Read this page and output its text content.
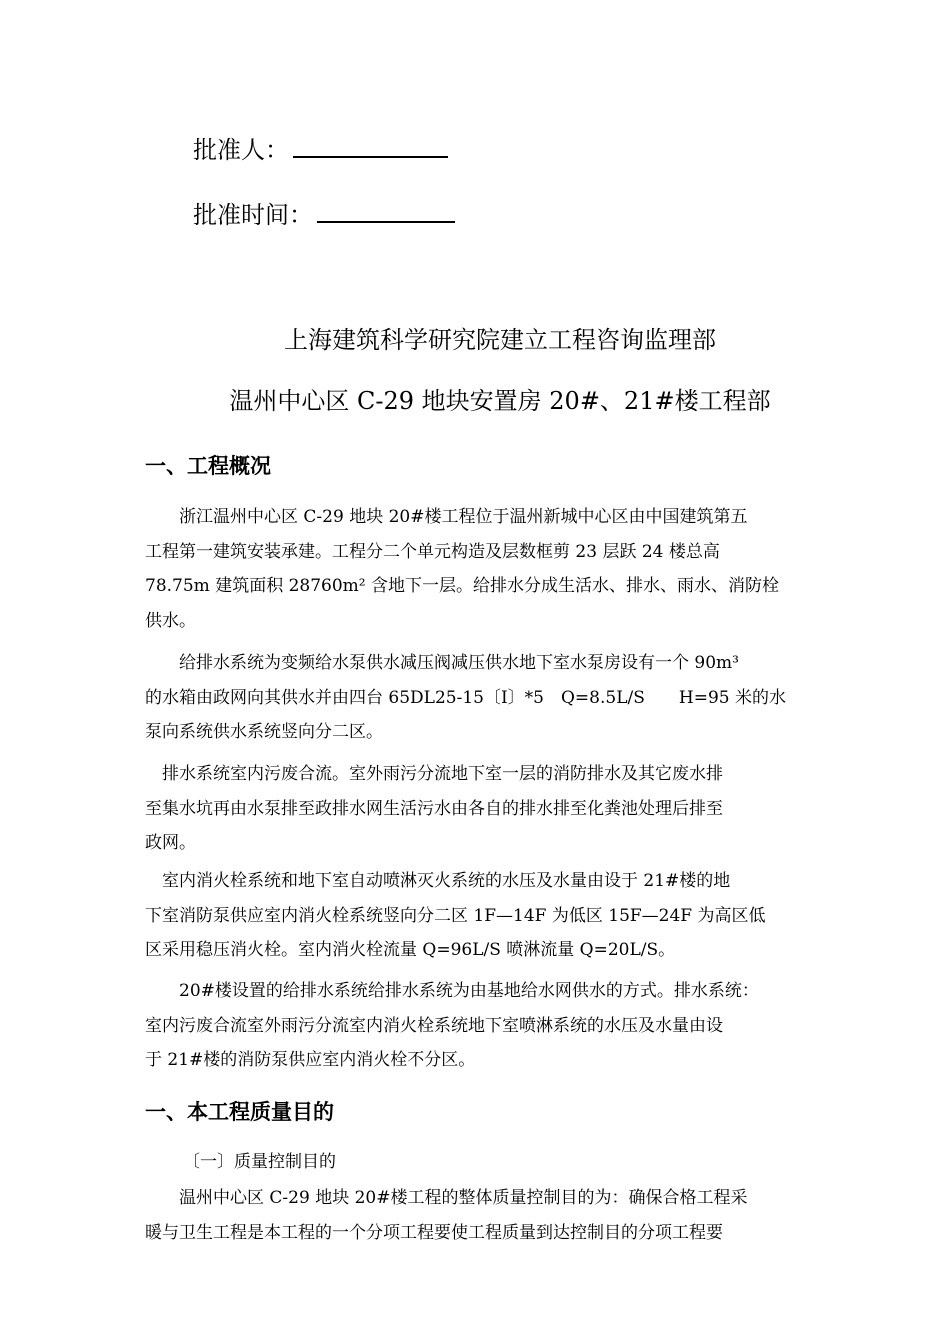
批准人：
批准时间：
上海建筑科学研究院建立工程咨询监理部
温州中心区 C-29 地块安置房 20#、21#楼工程部
一、工程概况
　　浙江温州中心区 C-29 地块 20#楼工程位于温州新城中心区由中国建筑第五
工程第一建筑安装承建。工程分二个单元构造及层数框剪 23 层跃 24 楼总高
78.75m 建筑面积 28760m² 含地下一层。给排水分成生活水、排水、雨水、消防栓
供水。
　　给排水系统为变频给水泵供水减压阀减压供水地下室水泵房设有一个 90m³
的水箱由政网向其供水并由四台 65DL25-15〔I〕*5　Q=8.5L/S　　H=95 米的水
泵向系统供水系统竖向分二区。
　排水系统室内污废合流。室外雨污分流地下室一层的消防排水及其它废水排
至集水坑再由水泵排至政排水网生活污水由各自的排水排至化粪池处理后排至
政网。
　室内消火栓系统和地下室自动喷淋灭火系统的水压及水量由设于 21#楼的地
下室消防泵供应室内消火栓系统竖向分二区 1F—14F 为低区 15F—24F 为高区低
区采用稳压消火栓。室内消火栓流量 Q=96L/S 喷淋流量 Q=20L/S。
　　20#楼设置的给排水系统给排水系统为由基地给水网供水的方式。排水系统：
室内污废合流室外雨污分流室内消火栓系统地下室喷淋系统的水压及水量由设
于 21#楼的消防泵供应室内消火栓不分区。
一、本工程质量目的
〔一〕质量控制目的
　　温州中心区 C-29 地块 20#楼工程的整体质量控制目的为：确保合格工程采
暖与卫生工程是本工程的一个分项工程要使工程质量到达控制目的分项工程要
